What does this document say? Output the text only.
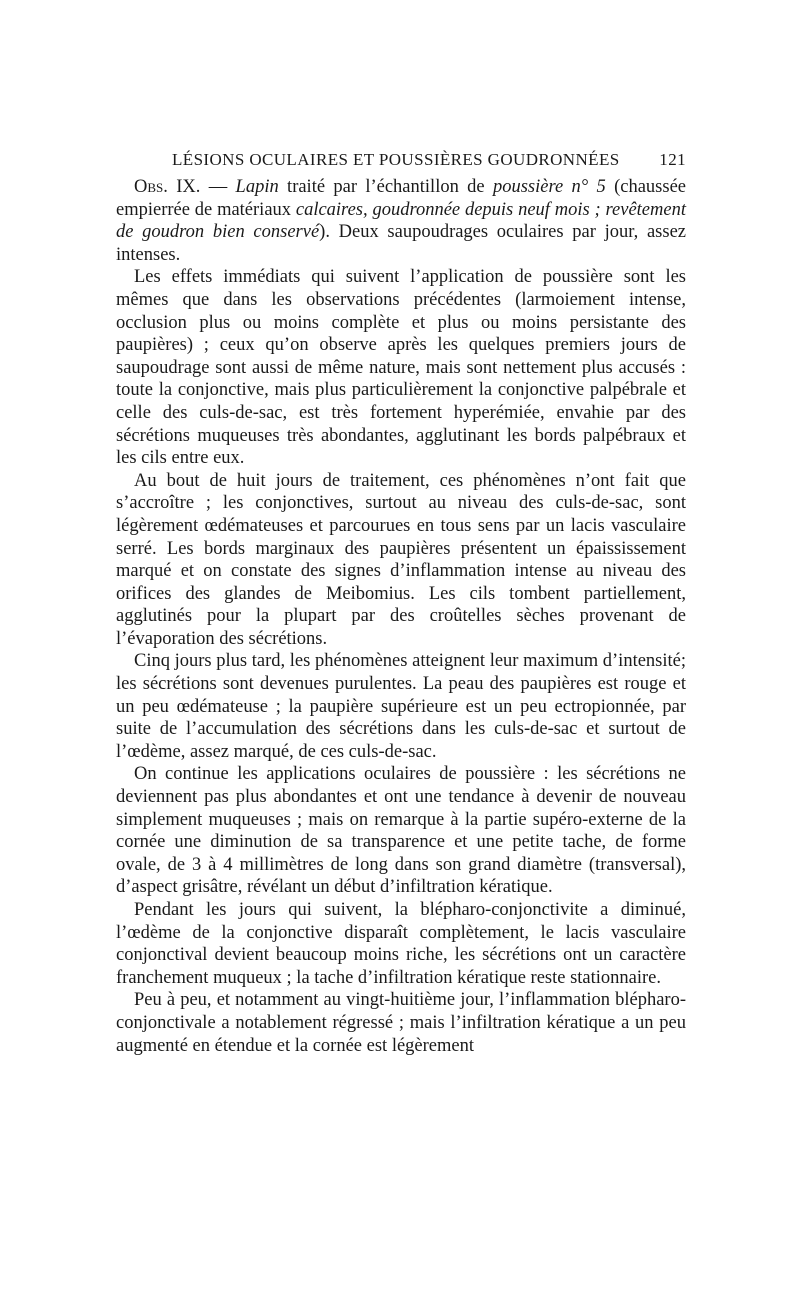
LÉSIONS OCULAIRES ET POUSSIÈRES GOUDRONNÉES 121

Obs. IX. — Lapin traité par l’échantillon de poussière n° 5 (chaussée empierrée de matériaux calcaires, goudronnée depuis neuf mois ; revêtement de goudron bien conservé). Deux saupoudrages oculaires par jour, assez intenses.

Les effets immédiats qui suivent l’application de poussière sont les mêmes que dans les observations précédentes (larmoiement intense, occlusion plus ou moins complète et plus ou moins persistante des paupières) ; ceux qu’on observe après les quelques premiers jours de saupoudrage sont aussi de même nature, mais sont nettement plus accusés : toute la conjonctive, mais plus particulièrement la conjonctive palpébrale et celle des culs-de-sac, est très fortement hyperémiée, envahie par des sécrétions muqueuses très abondantes, agglutinant les bords palpébraux et les cils entre eux.

Au bout de huit jours de traitement, ces phénomènes n’ont fait que s’accroître ; les conjonctives, surtout au niveau des culs-de-sac, sont légèrement œdémateuses et parcourues en tous sens par un lacis vasculaire serré. Les bords marginaux des paupières présentent un épaississement marqué et on constate des signes d’inflammation intense au niveau des orifices des glandes de Meibomius. Les cils tombent partiellement, agglutinés pour la plupart par des croûtelles sèches provenant de l’évaporation des sécrétions.

Cinq jours plus tard, les phénomènes atteignent leur maximum d’intensité; les sécrétions sont devenues purulentes. La peau des paupières est rouge et un peu œdémateuse ; la paupière supérieure est un peu ectropionnée, par suite de l’accumulation des sécrétions dans les culs-de-sac et surtout de l’œdème, assez marqué, de ces culs-de-sac.

On continue les applications oculaires de poussière : les sécrétions ne deviennent pas plus abondantes et ont une tendance à devenir de nouveau simplement muqueuses ; mais on remarque à la partie supéro-externe de la cornée une diminution de sa transparence et une petite tache, de forme ovale, de 3 à 4 millimètres de long dans son grand diamètre (transversal), d’aspect grisâtre, révélant un début d’infiltration kératique.

Pendant les jours qui suivent, la blépharo-conjonctivite a diminué, l’œdème de la conjonctive disparaît complètement, le lacis vasculaire conjonctival devient beaucoup moins riche, les sécrétions ont un caractère franchement muqueux ; la tache d’infiltration kératique reste stationnaire.

Peu à peu, et notamment au vingt-huitième jour, l’inflammation blépharo-conjonctivale a notablement régressé ; mais l’infiltration kératique a un peu augmenté en étendue et la cornée est légèrement
